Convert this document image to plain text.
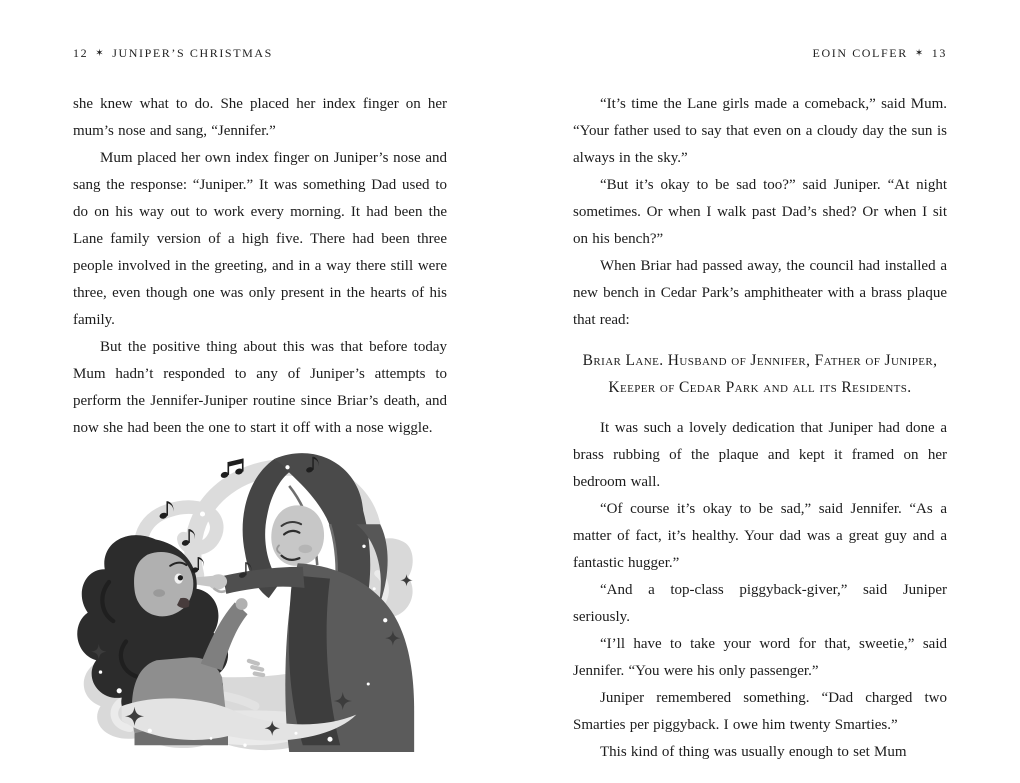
12 ✶ JUNIPER’S CHRISTMAS

she knew what to do. She placed her index finger on her mum’s nose and sang, “Jennifer.”

Mum placed her own index finger on Juniper’s nose and sang the response: “Juniper.” It was something Dad used to do on his way out to work every morning. It had been the Lane family version of a high five. There had been three people involved in the greeting, and in a way there still were three, even though one was only present in the hearts of his family.

But the positive thing about this was that before today Mum hadn’t responded to any of Juniper’s attempts to perform the Jennifer-Juniper routine since Briar’s death, and now she had been the one to start it off with a nose wiggle.

EOIN COLFER ✶ 13

“It’s time the Lane girls made a comeback,” said Mum. “Your father used to say that even on a cloudy day the sun is always in the sky.”

“But it’s okay to be sad too?” said Juniper. “At night sometimes. Or when I walk past Dad’s shed? Or when I sit on his bench?”

When Briar had passed away, the council had installed a new bench in Cedar Park’s amphitheater with a brass plaque that read:

Briar Lane. Husband of Jennifer, Father of Juniper,
Keeper of Cedar Park and all its Residents.

It was such a lovely dedication that Juniper had done a brass rubbing of the plaque and kept it framed on her bedroom wall.

“Of course it’s okay to be sad,” said Jennifer. “As a matter of fact, it’s healthy. Your dad was a great guy and a fantastic hugger.”

“And a top-class piggyback-giver,” said Juniper seriously.

“I’ll have to take your word for that, sweetie,” said Jennifer. “You were his only passenger.”

Juniper remembered something. “Dad charged two Smarties per piggyback. I owe him twenty Smarties.”

This kind of thing was usually enough to set Mum
